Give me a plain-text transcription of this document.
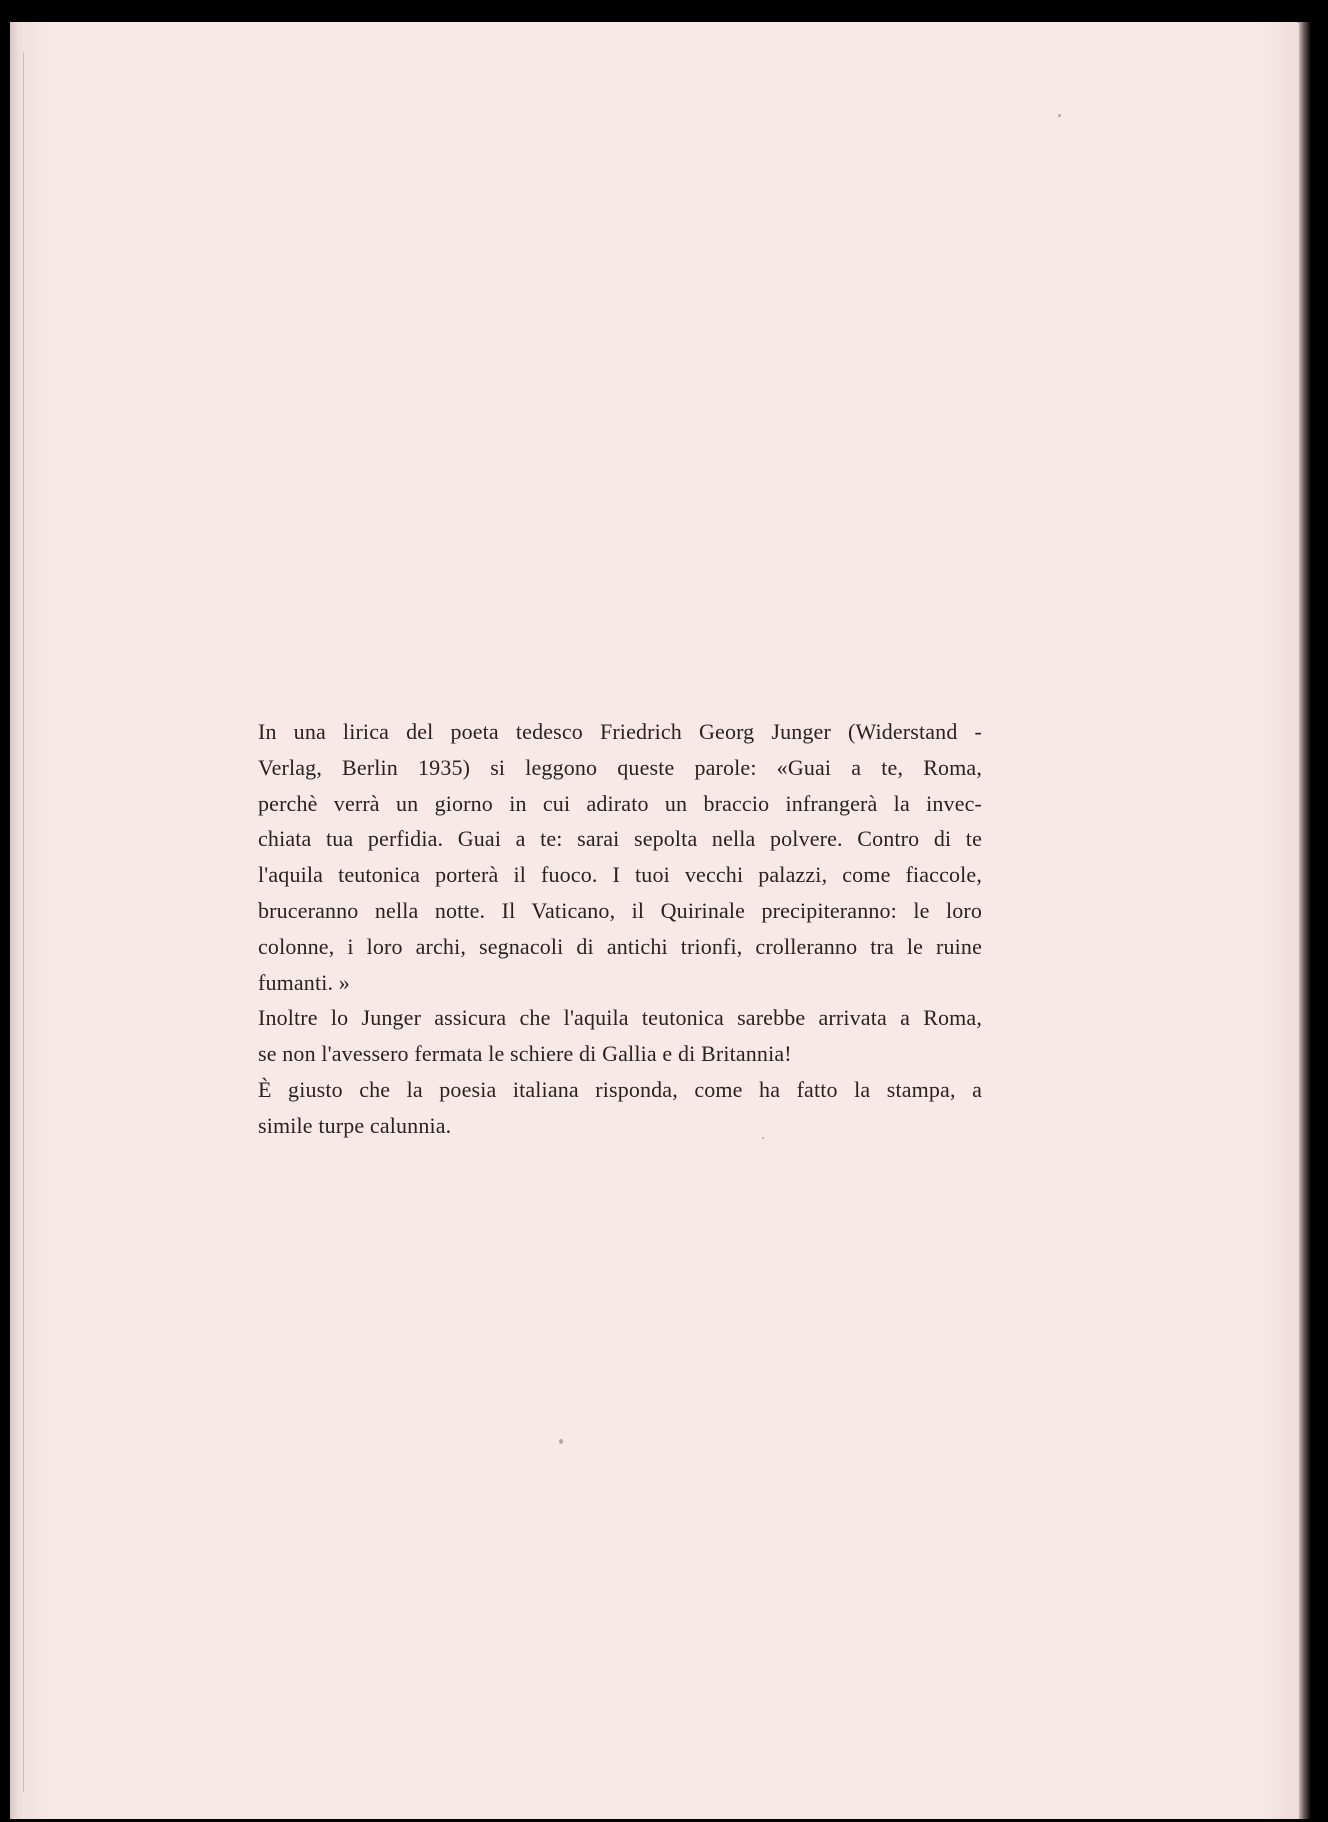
In una lirica del poeta tedesco Friedrich Georg Junger (Widerstand -
Verlag, Berlin 1935) si leggono queste parole: «Guai a te, Roma,
perchè verrà un giorno in cui adirato un braccio infrangerà la invec-
chiata tua perfidia. Guai a te: sarai sepolta nella polvere. Contro di te
l'aquila teutonica porterà il fuoco. I tuoi vecchi palazzi, come fiaccole,
bruceranno nella notte. Il Vaticano, il Quirinale precipiteranno: le loro
colonne, i loro archi, segnacoli di antichi trionfi, crolleranno tra le ruine
fumanti. »
Inoltre lo Junger assicura che l'aquila teutonica sarebbe arrivata a Roma,
se non l'avessero fermata le schiere di Gallia e di Britannia!
È giusto che la poesia italiana risponda, come ha fatto la stampa, a
simile turpe calunnia.
